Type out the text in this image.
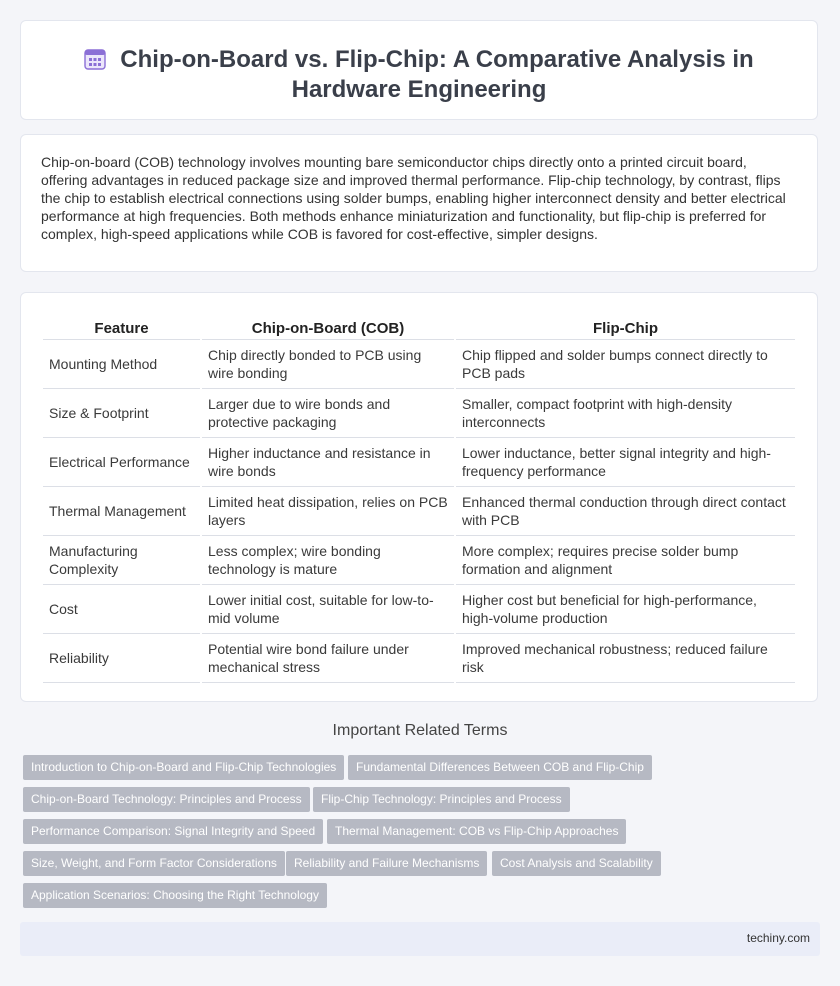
Chip-on-Board vs. Flip-Chip: A Comparative Analysis in Hardware Engineering

Chip-on-board (COB) technology involves mounting bare semiconductor chips directly onto a printed circuit board, offering advantages in reduced package size and improved thermal performance. Flip-chip technology, by contrast, flips the chip to establish electrical connections using solder bumps, enabling higher interconnect density and better electrical performance at high frequencies. Both methods enhance miniaturization and functionality, but flip-chip is preferred for complex, high-speed applications while COB is favored for cost-effective, simpler designs.

Feature	Chip-on-Board (COB)	Flip-Chip
Mounting Method	Chip directly bonded to PCB using wire bonding	Chip flipped and solder bumps connect directly to PCB pads
Size & Footprint	Larger due to wire bonds and protective packaging	Smaller, compact footprint with high-density interconnects
Electrical Performance	Higher inductance and resistance in wire bonds	Lower inductance, better signal integrity and high-frequency performance
Thermal Management	Limited heat dissipation, relies on PCB layers	Enhanced thermal conduction through direct contact with PCB
Manufacturing Complexity	Less complex; wire bonding technology is mature	More complex; requires precise solder bump formation and alignment
Cost	Lower initial cost, suitable for low-to-mid volume	Higher cost but beneficial for high-performance, high-volume production
Reliability	Potential wire bond failure under mechanical stress	Improved mechanical robustness; reduced failure risk
Important Related Terms
Introduction to Chip-on-Board and Flip-Chip Technologies	Fundamental Differences Between COB and Flip-Chip
Chip-on-Board Technology: Principles and Process	Flip-Chip Technology: Principles and Process
Performance Comparison: Signal Integrity and Speed	Thermal Management: COB vs Flip-Chip Approaches
Size, Weight, and Form Factor Considerations	Reliability and Failure Mechanisms	Cost Analysis and Scalability
Application Scenarios: Choosing the Right Technology
techiny.com
